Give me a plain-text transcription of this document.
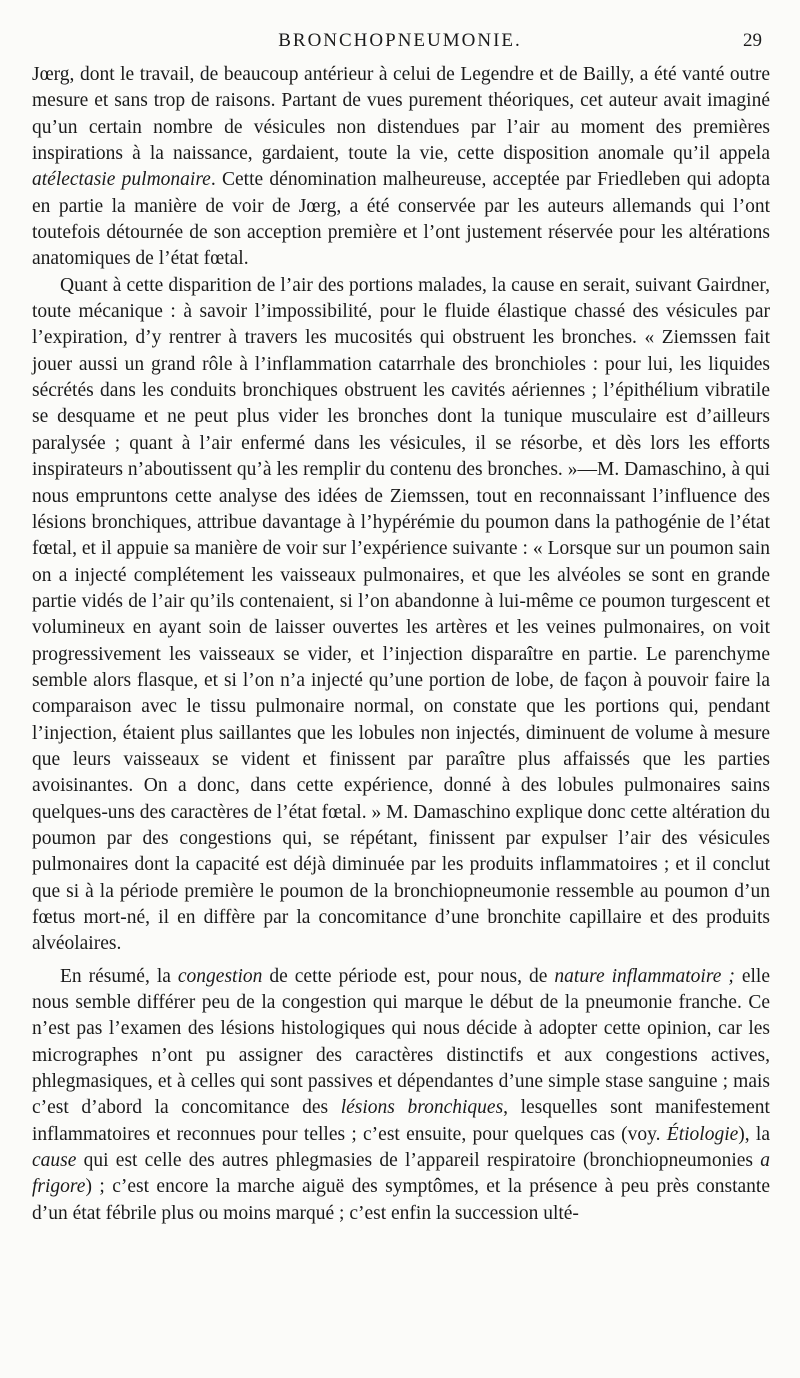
BRONCHOPNEUMONIE.	29

Jœrg, dont le travail, de beaucoup antérieur à celui de Legendre et de Bailly, a été vanté outre mesure et sans trop de raisons. Partant de vues purement théoriques, cet auteur avait imaginé qu’un certain nombre de vésicules non distendues par l’air au moment des premières inspirations à la naissance, gardaient, toute la vie, cette disposition anomale qu’il appela atélectasie pulmonaire. Cette dénomination malheureuse, acceptée par Friedleben qui adopta en partie la manière de voir de Jœrg, a été conservée par les auteurs allemands qui l’ont toutefois détournée de son acception première et l’ont justement réservée pour les altérations anatomiques de l’état fœtal.

Quant à cette disparition de l’air des portions malades, la cause en serait, suivant Gairdner, toute mécanique : à savoir l’impossibilité, pour le fluide élastique chassé des vésicules par l’expiration, d’y rentrer à travers les mucosités qui obstruent les bronches. « Ziemssen fait jouer aussi un grand rôle à l’inflammation catarrhale des bronchioles : pour lui, les liquides sécrétés dans les conduits bronchiques obstruent les cavités aériennes ; l’épithélium vibratile se desquame et ne peut plus vider les bronches dont la tunique musculaire est d’ailleurs paralysée ; quant à l’air enfermé dans les vésicules, il se résorbe, et dès lors les efforts inspirateurs n’aboutissent qu’à les remplir du contenu des bronches. »—M. Damaschino, à qui nous empruntons cette analyse des idées de Ziemssen, tout en reconnaissant l’influence des lésions bronchiques, attribue davantage à l’hypérémie du poumon dans la pathogénie de l’état fœtal, et il appuie sa manière de voir sur l’expérience suivante : « Lorsque sur un poumon sain on a injecté complétement les vaisseaux pulmonaires, et que les alvéoles se sont en grande partie vidés de l’air qu’ils contenaient, si l’on abandonne à lui-même ce poumon turgescent et volumineux en ayant soin de laisser ouvertes les artères et les veines pulmonaires, on voit progressivement les vaisseaux se vider, et l’injection disparaître en partie. Le parenchyme semble alors flasque, et si l’on n’a injecté qu’une portion de lobe, de façon à pouvoir faire la comparaison avec le tissu pulmonaire normal, on constate que les portions qui, pendant l’injection, étaient plus saillantes que les lobules non injectés, diminuent de volume à mesure que leurs vaisseaux se vident et finissent par paraître plus affaissés que les parties avoisinantes. On a donc, dans cette expérience, donné à des lobules pulmonaires sains quelques-uns des caractères de l’état fœtal. » M. Damaschino explique donc cette altération du poumon par des congestions qui, se répétant, finissent par expulser l’air des vésicules pulmonaires dont la capacité est déjà diminuée par les produits inflammatoires ; et il conclut que si à la période première le poumon de la bronchiopneumonie ressemble au poumon d’un fœtus mort-né, il en diffère par la concomitance d’une bronchite capillaire et des produits alvéolaires.

En résumé, la congestion de cette période est, pour nous, de nature inflammatoire ; elle nous semble différer peu de la congestion qui marque le début de la pneumonie franche. Ce n’est pas l’examen des lésions histologiques qui nous décide à adopter cette opinion, car les micrographes n’ont pu assigner des caractères distinctifs et aux congestions actives, phlegmasiques, et à celles qui sont passives et dépendantes d’une simple stase sanguine ; mais c’est d’abord la concomitance des lésions bronchiques, lesquelles sont manifestement inflammatoires et reconnues pour telles ; c’est ensuite, pour quelques cas (voy. Étiologie), la cause qui est celle des autres phlegmasies de l’appareil respiratoire (bronchiopneumonies a frigore) ; c’est encore la marche aiguë des symptômes, et la présence à peu près constante d’un état fébrile plus ou moins marqué ; c’est enfin la succession ulté-
